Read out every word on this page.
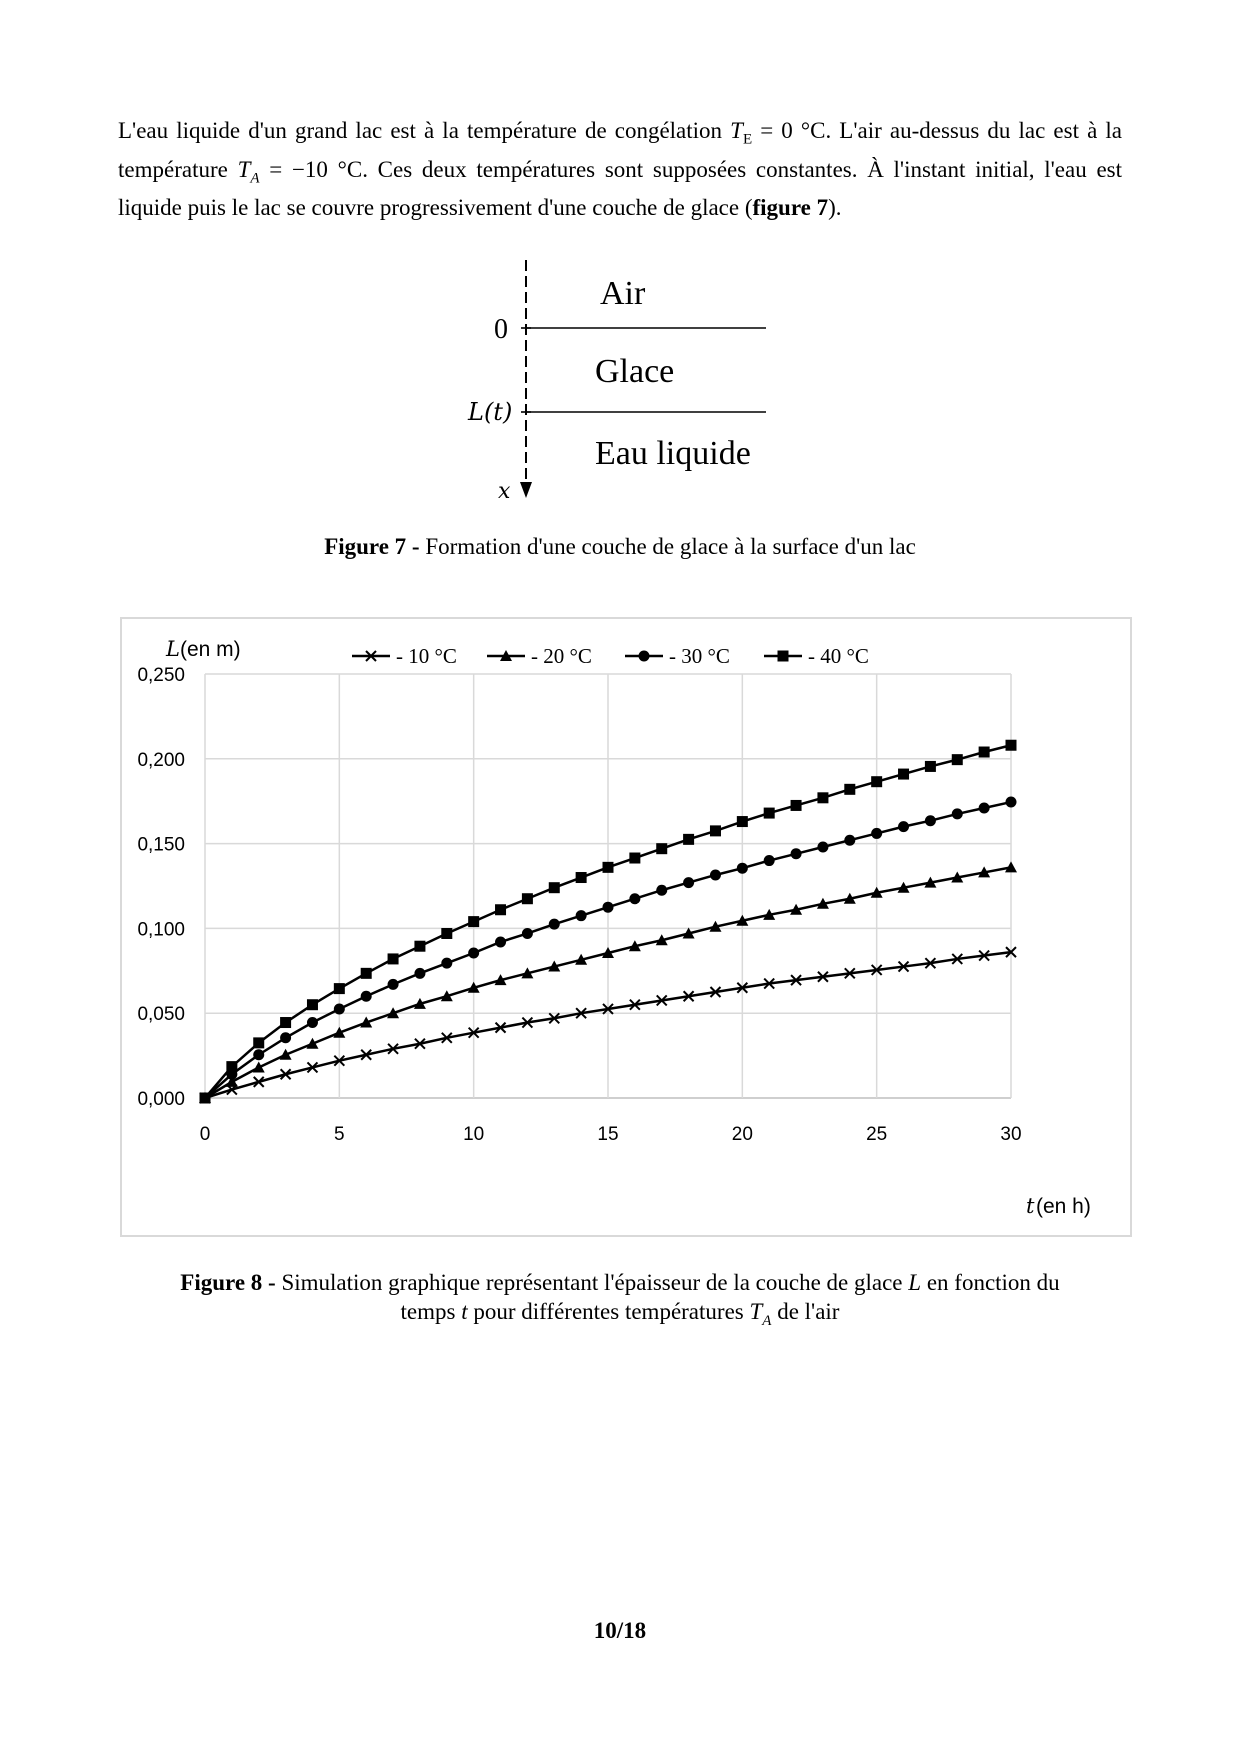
L'eau liquide d'un grand lac est à la température de congélation $T_E = 0$ °C. L'air au-dessus du lac est à la température $T_A = -10$ °C. Ces deux températures sont supposées constantes. À l'instant initial, l'eau est liquide puis le lac se couvre progressivement d'une couche de glace (figure 7).
Air
0
Glace
L(t)
Eau liquide
x
Figure 7 - Formation d'une couche de glace à la surface d'un lac
0,000
0,050
0,100
0,150
0,200
0,250
0	5	10	15	20	25	30
- 10 °C	- 20 °C	- 30 °C	- 40 °C
L (en m)
t (en h)
Figure 8 - Simulation graphique représentant l'épaisseur de la couche de glace L en fonction du
temps t pour différentes températures $T_A$ de l'air
10/18
